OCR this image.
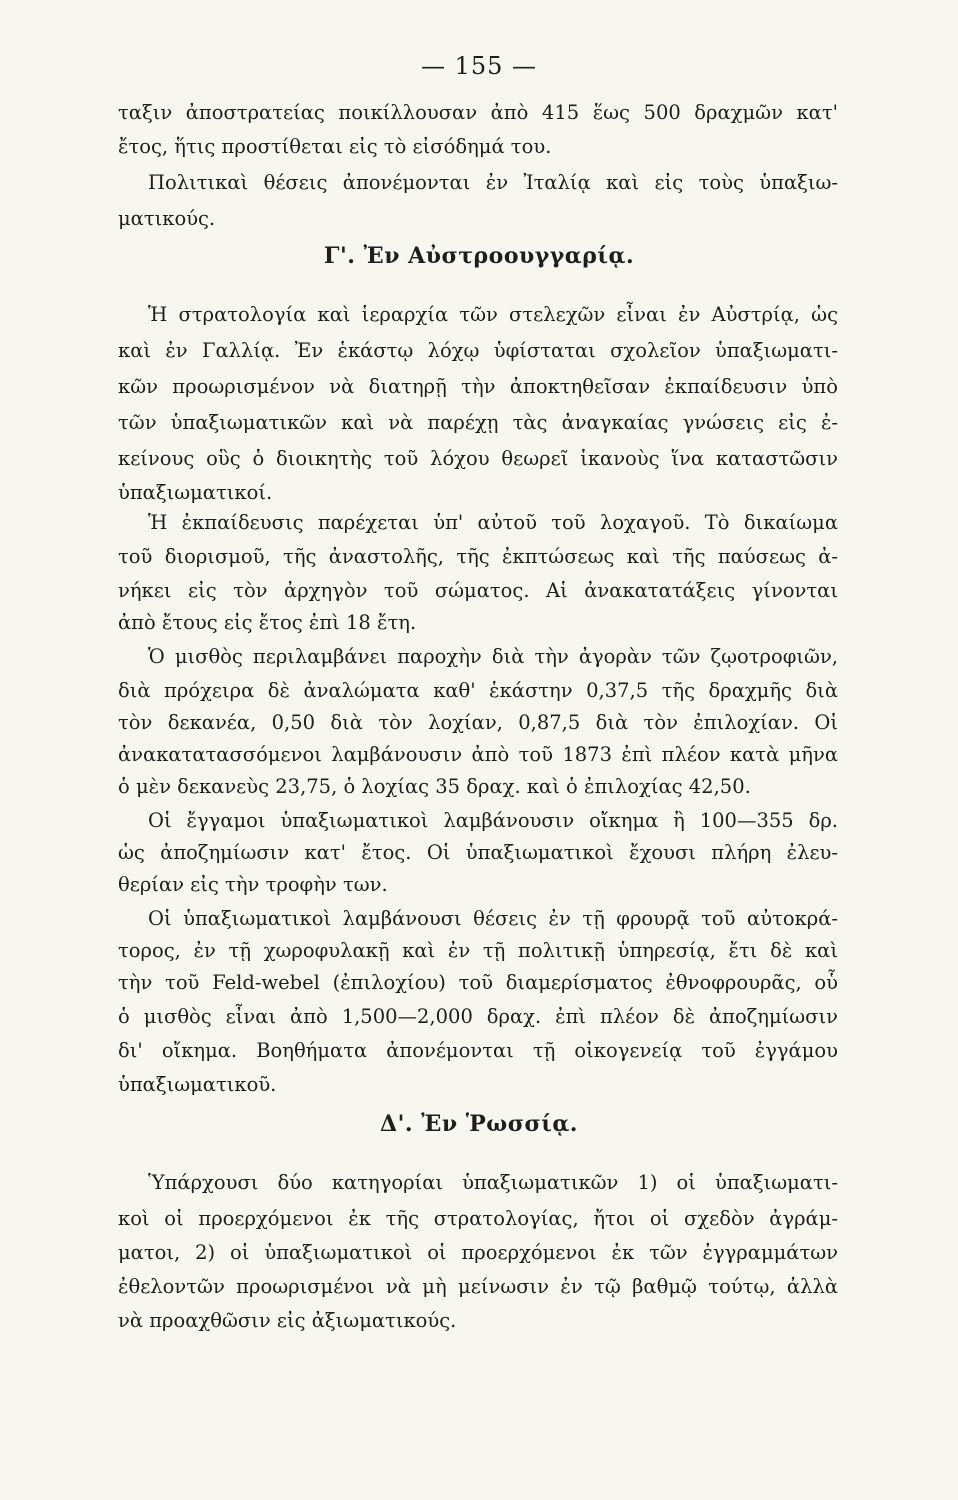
— 155 —
ταξιν ἀποστρατείας ποικίλλουσαν ἀπὸ 415 ἕως 500 δραχμῶν κατ'
ἔτος, ἥτις προστίθεται εἰς τὸ εἰσόδημά του.
Πολιτικαὶ θέσεις ἀπονέμονται ἐν Ἰταλίᾳ καὶ εἰς τοὺς ὑπαξιω-
ματικούς.
Γ'. Ἐν Αὐστροουγγαρίᾳ.
Ἡ στρατολογία καὶ ἱεραρχία τῶν στελεχῶν εἶναι ἐν Αὐστρίᾳ, ὡς
καὶ ἐν Γαλλίᾳ. Ἐν ἑκάστῳ λόχῳ ὑφίσταται σχολεῖον ὑπαξιωματι-
κῶν προωρισμένον νὰ διατηρῇ τὴν ἀποκτηθεῖσαν ἐκπαίδευσιν ὑπὸ
τῶν ὑπαξιωματικῶν καὶ νὰ παρέχῃ τὰς ἀναγκαίας γνώσεις εἰς ἐ-
κείνους οὓς ὁ διοικητὴς τοῦ λόχου θεωρεῖ ἱκανοὺς ἵνα καταστῶσιν
ὑπαξιωματικοί.
Ἡ ἐκπαίδευσις παρέχεται ὑπ' αὐτοῦ τοῦ λοχαγοῦ. Τὸ δικαίωμα
τοῦ διορισμοῦ, τῆς ἀναστολῆς, τῆς ἐκπτώσεως καὶ τῆς παύσεως ἀ-
νήκει εἰς τὸν ἀρχηγὸν τοῦ σώματος. Αἱ ἀνακατατάξεις γίνονται
ἀπὸ ἔτους εἰς ἔτος ἐπὶ 18 ἔτη.
Ὁ μισθὸς περιλαμβάνει παροχὴν διὰ τὴν ἀγορὰν τῶν ζῳοτροφιῶν,
διὰ πρόχειρα δὲ ἀναλώματα καθ' ἑκάστην 0,37,5 τῆς δραχμῆς διὰ
τὸν δεκανέα, 0,50 διὰ τὸν λοχίαν, 0,87,5 διὰ τὸν ἐπιλοχίαν. Οἱ
ἀνακατατασσόμενοι λαμβάνουσιν ἀπὸ τοῦ 1873 ἐπὶ πλέον κατὰ μῆνα
ὁ μὲν δεκανεὺς 23,75, ὁ λοχίας 35 δραχ. καὶ ὁ ἐπιλοχίας 42,50.
Οἱ ἔγγαμοι ὑπαξιωματικοὶ λαμβάνουσιν οἴκημα ἢ 100—355 δρ.
ὡς ἀποζημίωσιν κατ' ἔτος. Οἱ ὑπαξιωματικοὶ ἔχουσι πλήρη ἐλευ-
θερίαν εἰς τὴν τροφὴν των.
Οἱ ὑπαξιωματικοὶ λαμβάνουσι θέσεις ἐν τῇ φρουρᾷ τοῦ αὐτοκρά-
τορος, ἐν τῇ χωροφυλακῇ καὶ ἐν τῇ πολιτικῇ ὑπηρεσίᾳ, ἔτι δὲ καὶ
τὴν τοῦ Feld-webel (ἐπιλοχίου) τοῦ διαμερίσματος ἐθνοφρουρᾶς, οὗ
ὁ μισθὸς εἶναι ἀπὸ 1,500—2,000 δραχ. ἐπὶ πλέον δὲ ἀποζημίωσιν
δι' οἴκημα. Βοηθήματα ἀπονέμονται τῇ οἰκογενείᾳ τοῦ ἐγγάμου
ὑπαξιωματικοῦ.
Δ'. Ἐν Ῥωσσίᾳ.
Ὑπάρχουσι δύο κατηγορίαι ὑπαξιωματικῶν 1) οἱ ὑπαξιωματι-
κοὶ οἱ προερχόμενοι ἐκ τῆς στρατολογίας, ἤτοι οἱ σχεδὸν ἀγράμ-
ματοι, 2) οἱ ὑπαξιωματικοὶ οἱ προερχόμενοι ἐκ τῶν ἐγγραμμάτων
ἐθελοντῶν προωρισμένοι νὰ μὴ μείνωσιν ἐν τῷ βαθμῷ τούτῳ, ἀλλὰ
νὰ προαχθῶσιν εἰς ἀξιωματικούς.
